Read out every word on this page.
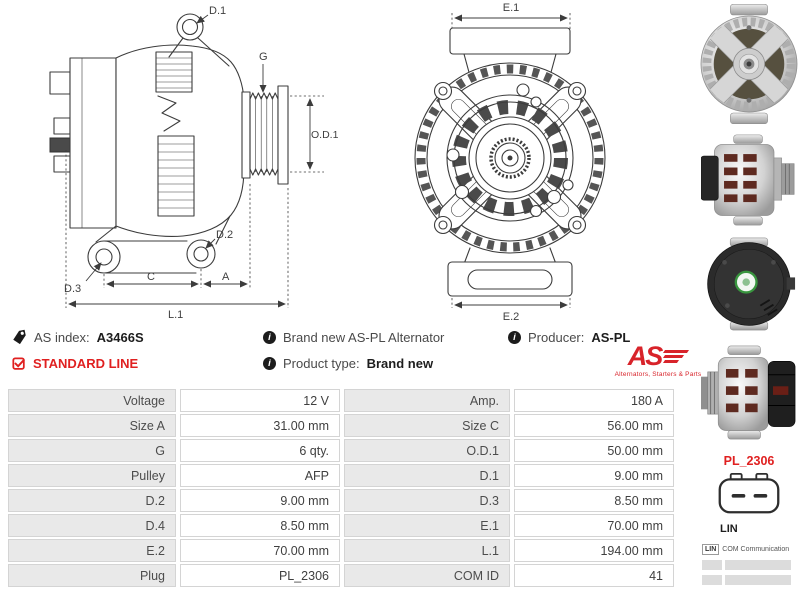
D.1
D.2
D.3
G
O.D.1
C	A
L.1
E.1
E.2
AS index: A3466S
STANDARD LINE
i Brand new AS-PL Alternator
i Product type: Brand new
i Producer: AS-PL
AS
Alternators, Starters & Parts
Voltage	12 V	Amp.	180 A
Size A	31.00 mm	Size C	56.00 mm
G	6 qty.	O.D.1	50.00 mm
Pulley	AFP	D.1	9.00 mm
D.2	9.00 mm	D.3	8.50 mm
D.4	8.50 mm	E.1	70.00 mm
E.2	70.00 mm	L.1	194.00 mm
Plug	PL_2306	COM ID	41
PL_2306
LIN
LIN COM Communication
